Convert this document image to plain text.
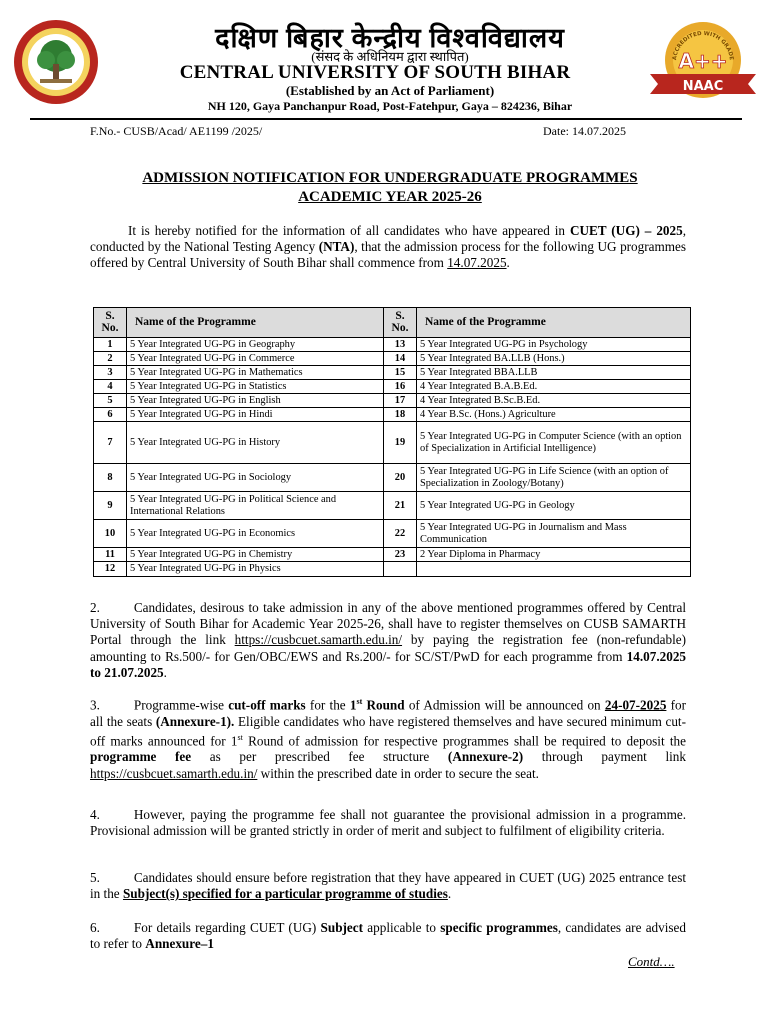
दक्षिण बिहार केन्द्रीय विश्वविद्यालय
(संसद के अधिनियम द्वारा स्थापित)
CENTRAL UNIVERSITY OF SOUTH BIHAR
(Established by an Act of Parliament)
NH 120, Gaya Panchanpur Road, Post-Fatehpur, Gaya – 824236, Bihar
ACCREDITED WITH GRADE
A++
NAAC
F.No.- CUSB/Acad/ AE1199 /2025/	Date: 14.07.2025
ADMISSION NOTIFICATION FOR UNDERGRADUATE PROGRAMMES
ACADEMIC YEAR 2025-26

It is hereby notified for the information of all candidates who have appeared in CUET (UG) – 2025, conducted by the National Testing Agency (NTA), that the admission process for the following UG programmes offered by Central University of South Bihar shall commence from 14.07.2025.

S. No.	Name of the Programme	S. No.	Name of the Programme
1	5 Year Integrated UG-PG in Geography	13	5 Year Integrated UG-PG in Psychology
2	5 Year Integrated UG-PG in Commerce	14	5 Year Integrated BA.LLB (Hons.)
3	5 Year Integrated UG-PG in Mathematics	15	5 Year Integrated BBA.LLB
4	5 Year Integrated UG-PG in Statistics	16	4 Year Integrated B.A.B.Ed.
5	5 Year Integrated UG-PG in English	17	4 Year Integrated B.Sc.B.Ed.
6	5 Year Integrated UG-PG in Hindi	18	4 Year B.Sc. (Hons.) Agriculture
7	5 Year Integrated UG-PG in History	19	5 Year Integrated UG-PG in Computer Science (with an option of Specialization in Artificial Intelligence)
8	5 Year Integrated UG-PG in Sociology	20	5 Year Integrated UG-PG in Life Science (with an option of Specialization in Zoology/Botany)
9	5 Year Integrated UG-PG in Political Science and International Relations	21	5 Year Integrated UG-PG in Geology
10	5 Year Integrated UG-PG in Economics	22	5 Year Integrated UG-PG in Journalism and Mass Communication
11	5 Year Integrated UG-PG in Chemistry	23	2 Year Diploma in Pharmacy
12	5 Year Integrated UG-PG in Physics		

2.	Candidates, desirous to take admission in any of the above mentioned programmes offered by Central University of South Bihar for Academic Year 2025-26, shall have to register themselves on CUSB SAMARTH Portal through the link https://cusbcuet.samarth.edu.in/ by paying the registration fee (non-refundable) amounting to Rs.500/- for Gen/OBC/EWS and Rs.200/- for SC/ST/PwD for each programme from 14.07.2025 to 21.07.2025.

3.	Programme-wise cut-off marks for the 1st Round of Admission will be announced on 24-07-2025 for all the seats (Annexure-1). Eligible candidates who have registered themselves and have secured minimum cut-off marks announced for 1st Round of admission for respective programmes shall be required to deposit the programme fee as per prescribed fee structure (Annexure-2) through payment link https://cusbcuet.samarth.edu.in/ within the prescribed date in order to secure the seat.

4.	However, paying the programme fee shall not guarantee the provisional admission in a programme. Provisional admission will be granted strictly in order of merit and subject to fulfilment of eligibility criteria.

5.	Candidates should ensure before registration that they have appeared in CUET (UG) 2025 entrance test in the Subject(s) specified for a particular programme of studies.

6.	For details regarding CUET (UG) Subject applicable to specific programmes, candidates are advised to refer to Annexure–1

Contd….
